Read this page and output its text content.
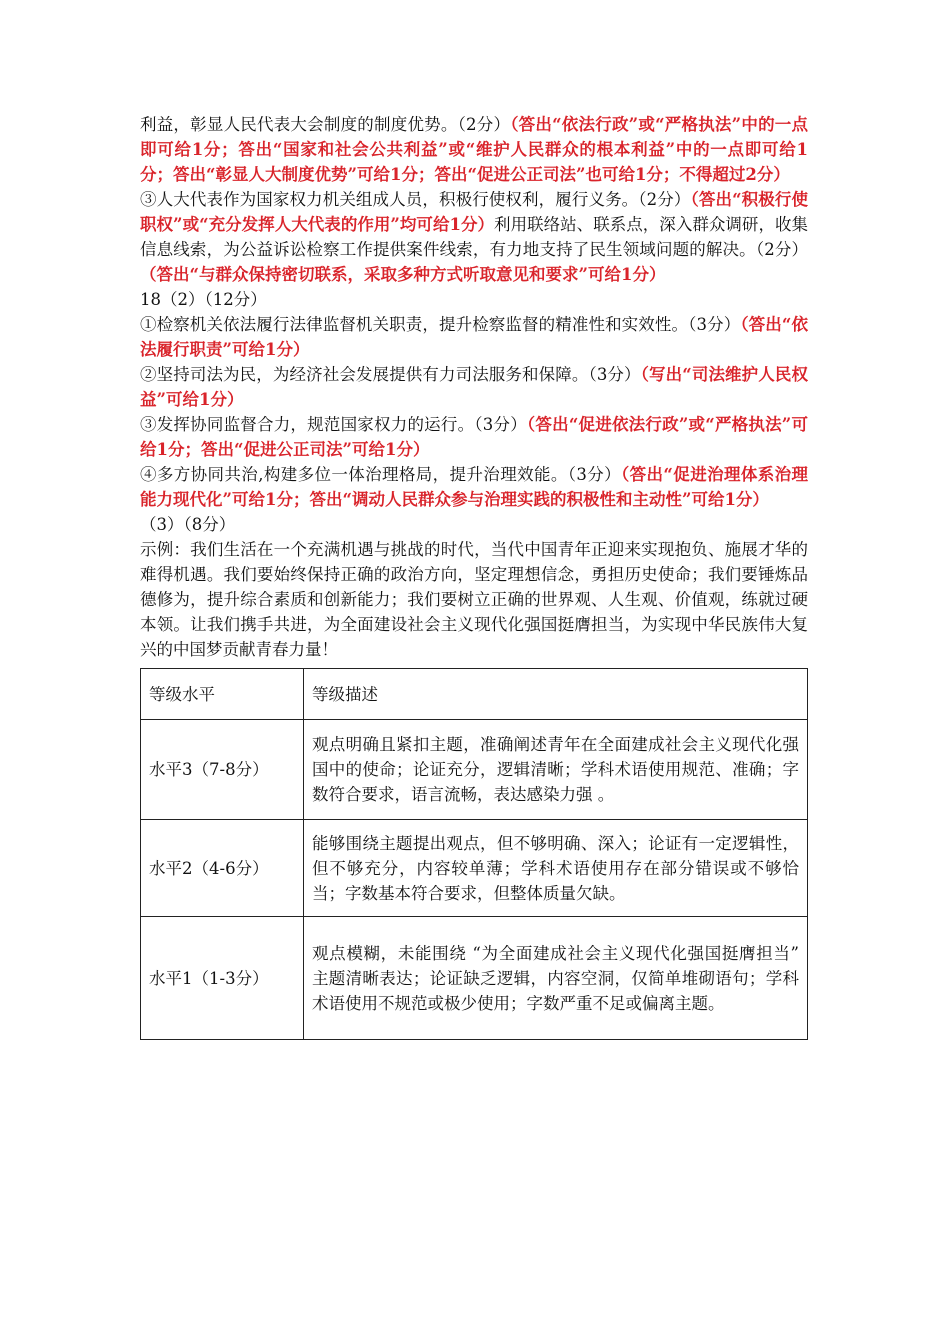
利益，彰显人民代表大会制度的制度优势。（2分）（答出“依法行政”或“严格执法”中的一点即可给1分；答出“国家和社会公共利益”或“维护人民群众的根本利益”中的一点即可给1分；答出“彰显人大制度优势”可给1分；答出“促进公正司法”也可给1分；不得超过2分）
③人大代表作为国家权力机关组成人员，积极行使权利，履行义务。（2分）（答出“积极行使职权”或“充分发挥人大代表的作用”均可给1分）利用联络站、联系点，深入群众调研，收集信息线索，为公益诉讼检察工作提供案件线索，有力地支持了民生领域问题的解决。（2分）（答出“与群众保持密切联系，采取多种方式听取意见和要求”可给1分）
18（2）（12分）
①检察机关依法履行法律监督机关职责，提升检察监督的精准性和实效性。（3分）（答出“依法履行职责”可给1分）
②坚持司法为民，为经济社会发展提供有力司法服务和保障。（3分）（写出“司法维护人民权益”可给1分）
③发挥协同监督合力，规范国家权力的运行。（3分）（答出“促进依法行政”或“严格执法”可给1分；答出“促进公正司法”可给1分）
④多方协同共治,构建多位一体治理格局，提升治理效能。（3分）（答出“促进治理体系治理能力现代化”可给1分；答出“调动人民群众参与治理实践的积极性和主动性”可给1分）
（3）（8分）
示例：我们生活在一个充满机遇与挑战的时代，当代中国青年正迎来实现抱负、施展才华的难得机遇。我们要始终保持正确的政治方向，坚定理想信念，勇担历史使命；我们要锤炼品德修为，提升综合素质和创新能力；我们要树立正确的世界观、人生观、价值观，练就过硬本领。让我们携手共进，为全面建设社会主义现代化强国挺膺担当，为实现中华民族伟大复兴的中国梦贡献青春力量！
等级水平	等级描述
水平3（7-8分）	观点明确且紧扣主题，准确阐述青年在全面建成社会主义现代化强国中的使命；论证充分，逻辑清晰；学科术语使用规范、准确；字数符合要求，语言流畅，表达感染力强 。
水平2（4-6分）	能够围绕主题提出观点，但不够明确、深入；论证有一定逻辑性，但不够充分，内容较单薄；学科术语使用存在部分错误或不够恰当；字数基本符合要求，但整体质量欠缺。
水平1（1-3分）	观点模糊，未能围绕 “为全面建成社会主义现代化强国挺膺担当” 主题清晰表达；论证缺乏逻辑，内容空洞，仅简单堆砌语句；学科术语使用不规范或极少使用；字数严重不足或偏离主题。
